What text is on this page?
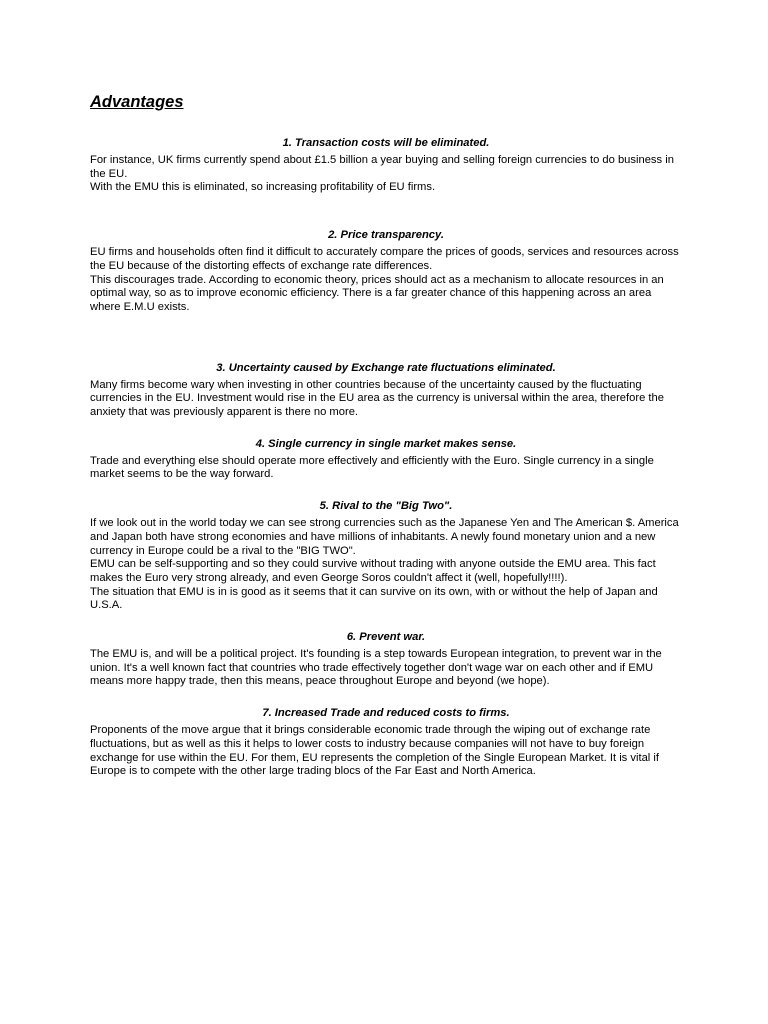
Advantages
1. Transaction costs will be eliminated.

For instance, UK firms currently spend about £1.5 billion a year buying and selling foreign currencies to do business in the EU.

With the EMU this is eliminated, so increasing profitability of EU firms.

2. Price transparency.

EU firms and households often find it difficult to accurately compare the prices of goods, services and resources across the EU because of the distorting effects of exchange rate differences.

This discourages trade. According to economic theory, prices should act as a mechanism to allocate resources in an optimal way, so as to improve economic efficiency. There is a far greater chance of this happening across an area where E.M.U exists.

3. Uncertainty caused by Exchange rate fluctuations eliminated.

Many firms become wary when investing in other countries because of the uncertainty caused by the fluctuating currencies in the EU. Investment would rise in the EU area as the currency is universal within the area, therefore the anxiety that was previously apparent is there no more.

4. Single currency in single market makes sense.

Trade and everything else should operate more effectively and efficiently with the Euro. Single currency in a single market seems to be the way forward.

5. Rival to the "Big Two".

If we look out in the world today we can see strong currencies such as the Japanese Yen and The American $. America and Japan both have strong economies and have millions of inhabitants. A newly found monetary union and a new currency in Europe could be a rival to the "BIG TWO".

EMU can be self-supporting and so they could survive without trading with anyone outside the EMU area. This fact makes the Euro very strong already, and even George Soros couldn't affect it (well, hopefully!!!!).

The situation that EMU is in is good as it seems that it can survive on its own, with or without the help of Japan and U.S.A.

6. Prevent war.

The EMU is, and will be a political project. It's founding is a step towards European integration, to prevent war in the union. It's a well known fact that countries who trade effectively together don't wage war on each other and if EMU means more happy trade, then this means, peace throughout Europe and beyond (we hope).

7. Increased Trade and reduced costs to firms.

Proponents of the move argue that it brings considerable economic trade through the wiping out of exchange rate fluctuations, but as well as this it helps to lower costs to industry because companies will not have to buy foreign exchange for use within the EU. For them, EU represents the completion of the Single European Market. It is vital if Europe is to compete with the other large trading blocs of the Far East and North America.
